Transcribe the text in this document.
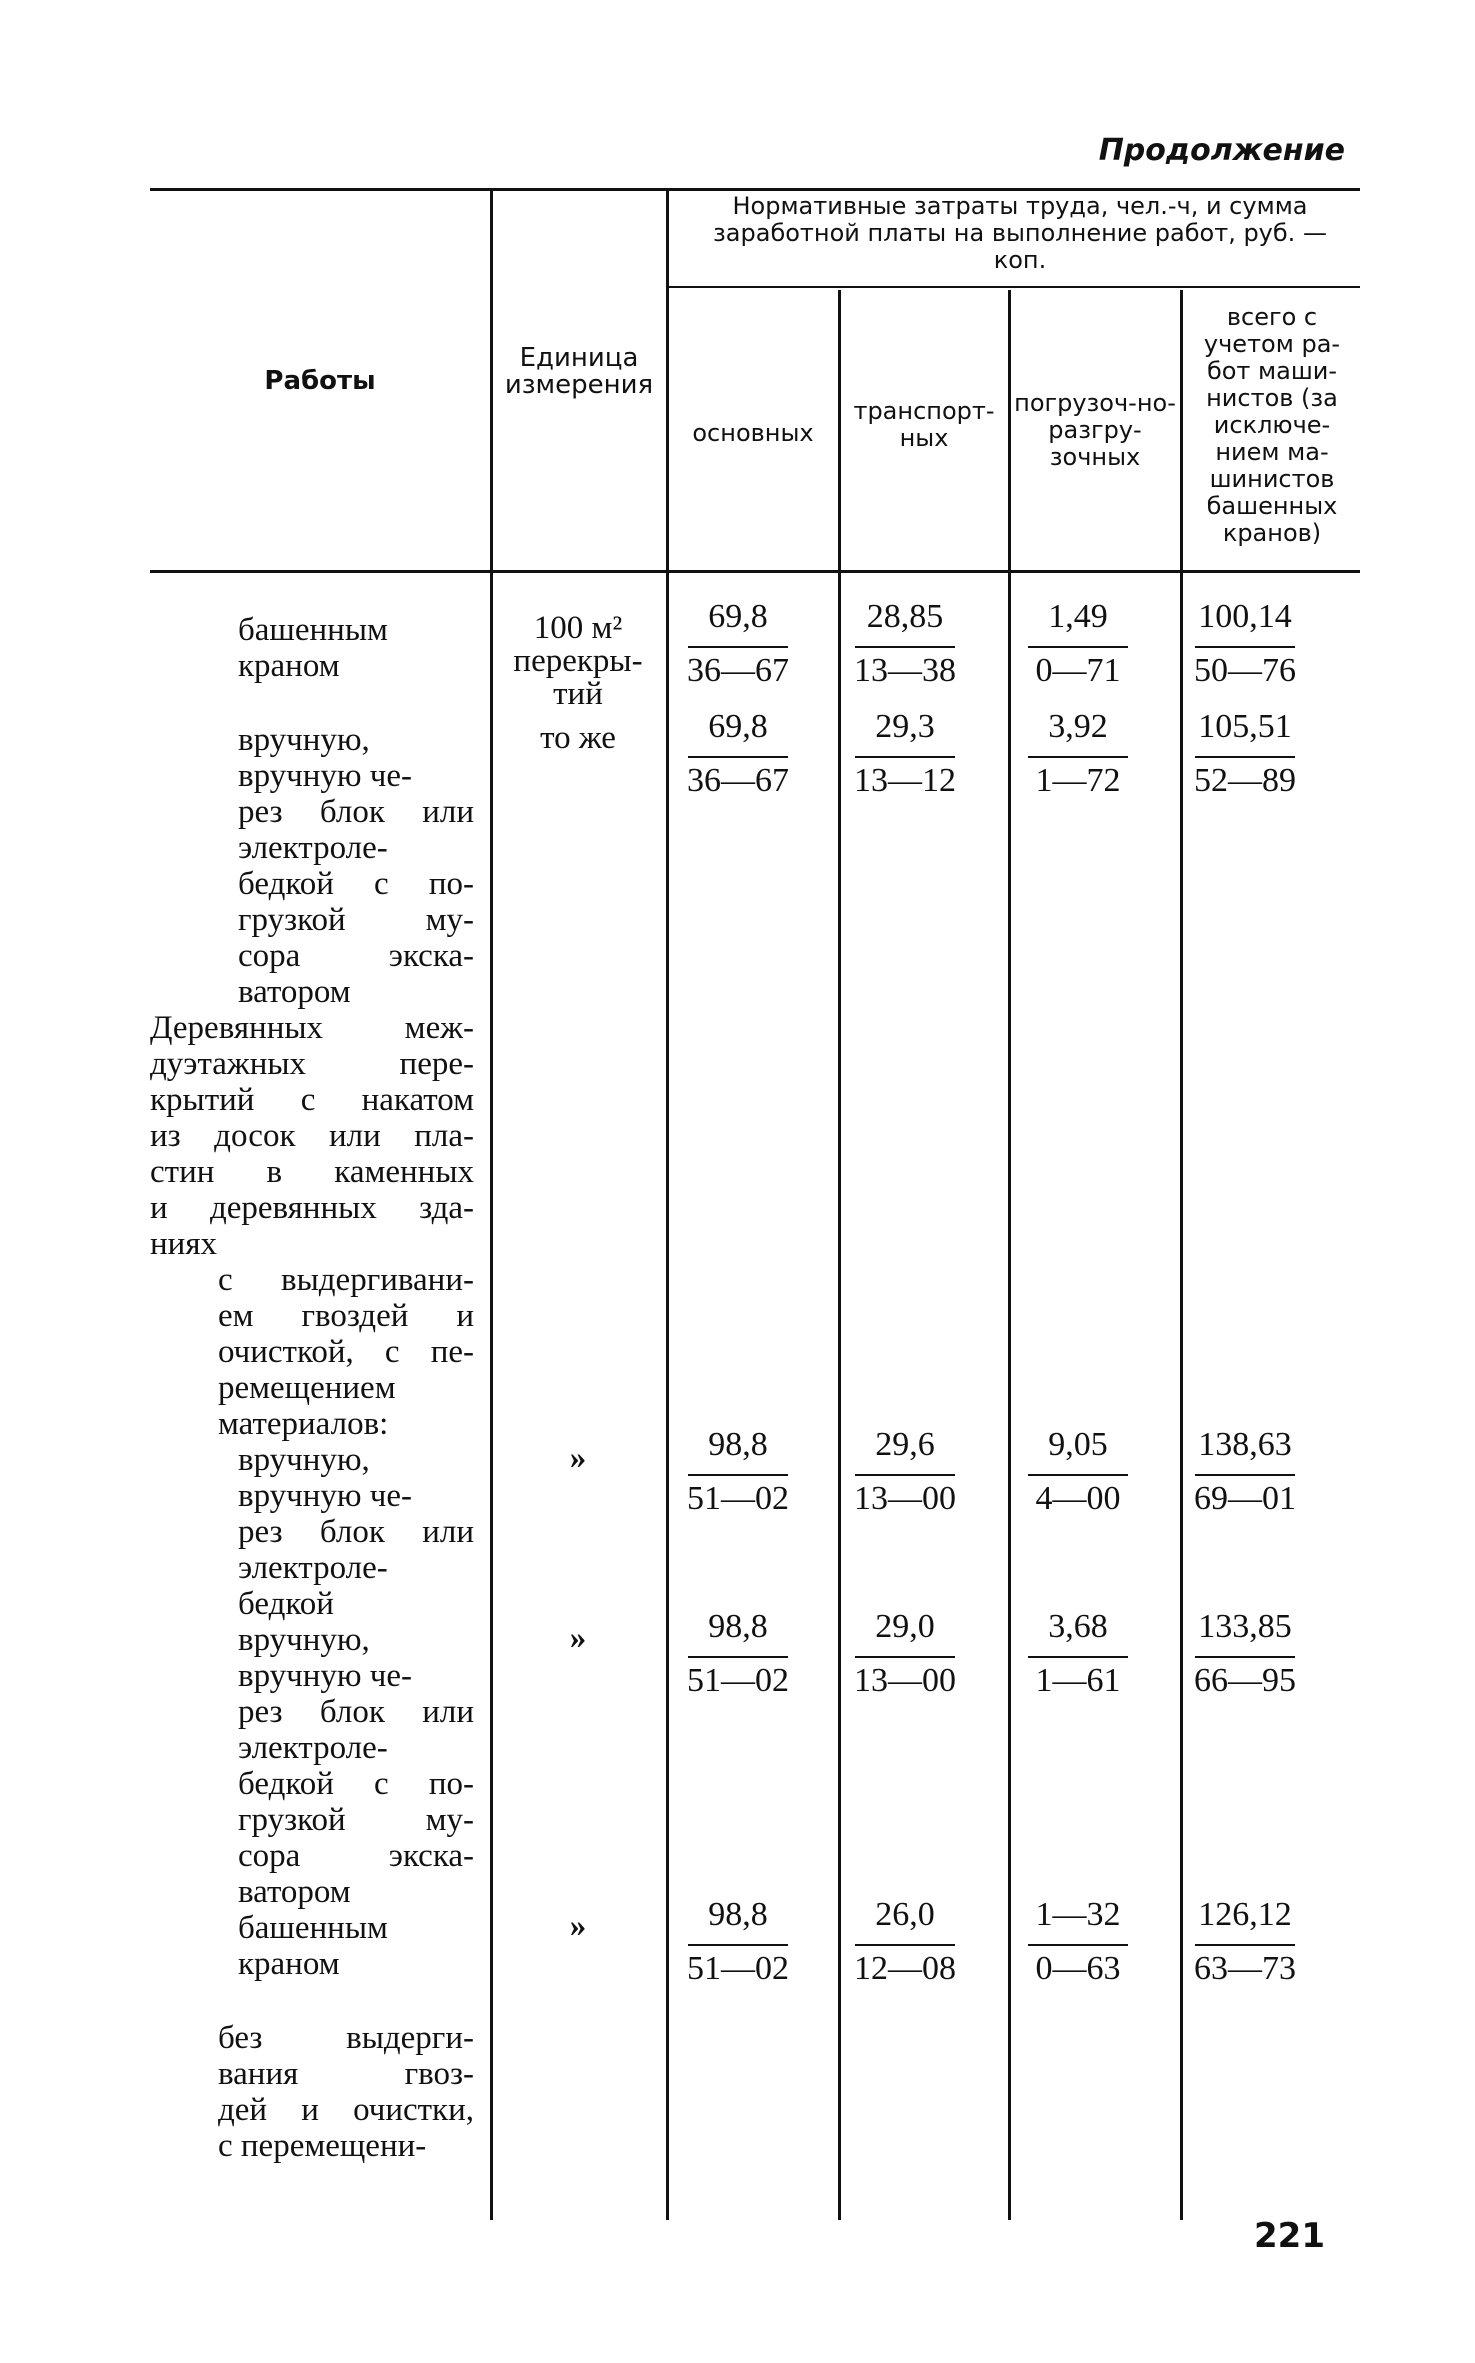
Продолжение
Работы
Единица измерения
Нормативные затраты труда, чел.-ч, и сумма заработной платы на выполнение работ, руб. — коп.
основных
транспорт-ных
погрузоч-но-разгру-зочных
всего с учетом ра-бот маши-нистов (за исключе-нием ма-шинистов башенных кранов)
башенным
краном
вручную,
вручную че-
рез блок или
электроле-
бедкой с по-
грузкой му-
сора экска-
ватором
Деревянных меж-
дуэтажных пере-
крытий с накатом
из досок или пла-
стин в каменных
и деревянных зда-
ниях
с выдергивани-
ем гвоздей и
очисткой, с пе-
ремещением
материалов:
вручную,
вручную че-
рез блок или
электроле-
бедкой
вручную,
вручную че-
рез блок или
электроле-
бедкой с по-
грузкой му-
сора экска-
ватором
башенным
краном
без выдерги-
вания гвоз-
дей и очистки,
с перемещени-
100 м² перекры-тий
то же
»
»
»
69,8
36—67
28,85
13—38
1,49
0—71
100,14
50—76
69,8
36—67
29,3
13—12
3,92
1—72
105,51
52—89
98,8
51—02
29,6
13—00
9,05
4—00
138,63
69—01
98,8
51—02
29,0
13—00
3,68
1—61
133,85
66—95
98,8
51—02
26,0
12—08
1—32
0—63
126,12
63—73
221
